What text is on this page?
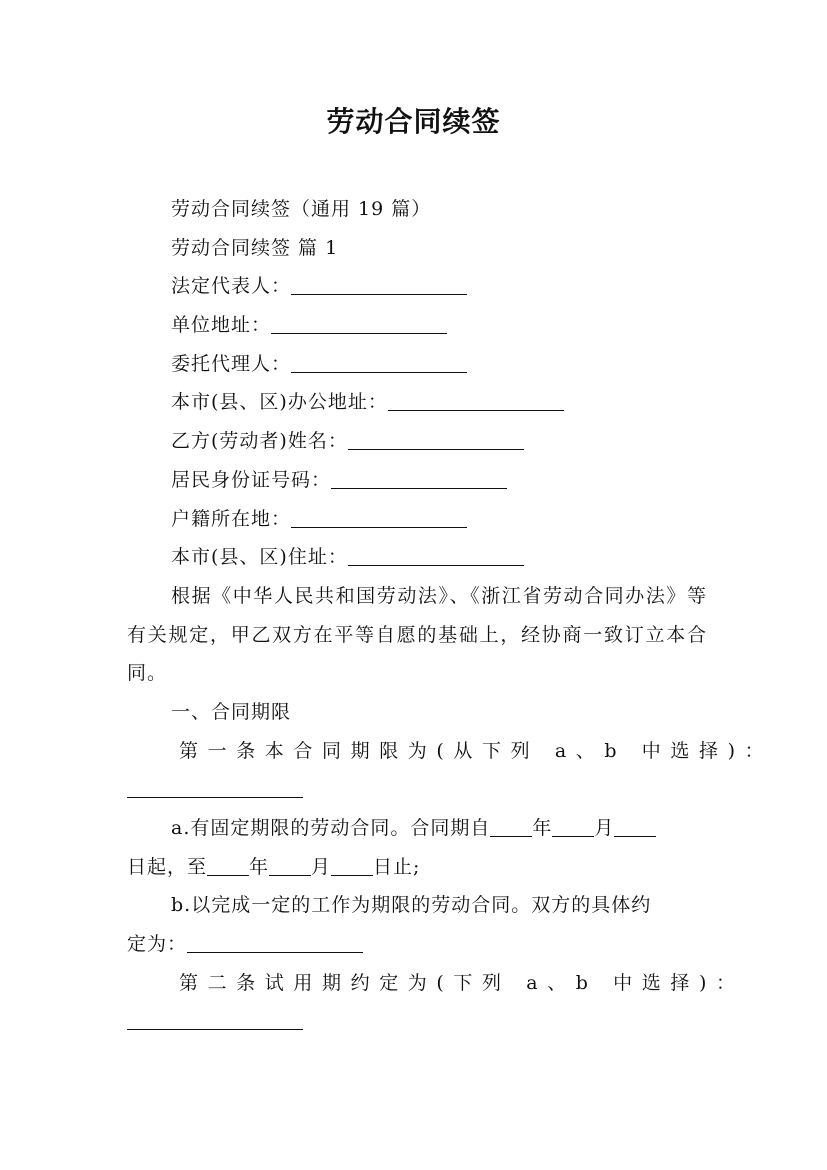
劳动合同续签
劳动合同续签（通用 19 篇）
劳动合同续签 篇 1
法定代表人：
单位地址：
委托代理人：
本市(县、区)办公地址：
乙方(劳动者)姓名：
居民身份证号码：
户籍所在地：
本市(县、区)住址：
根据《中华人民共和国劳动法》、《浙江省劳动合同办法》等有关规定，甲乙双方在平等自愿的基础上，经协商一致订立本合同。
一、合同期限
第一条本合同期限为(从下列 a、b 中选择)：
a.有固定期限的劳动合同。合同期自 年 月
日起，至 年 月 日止;
b.以完成一定的工作为期限的劳动合同。双方的具体约
定为：
第二条试用期约定为(下列 a、b 中选择)：
